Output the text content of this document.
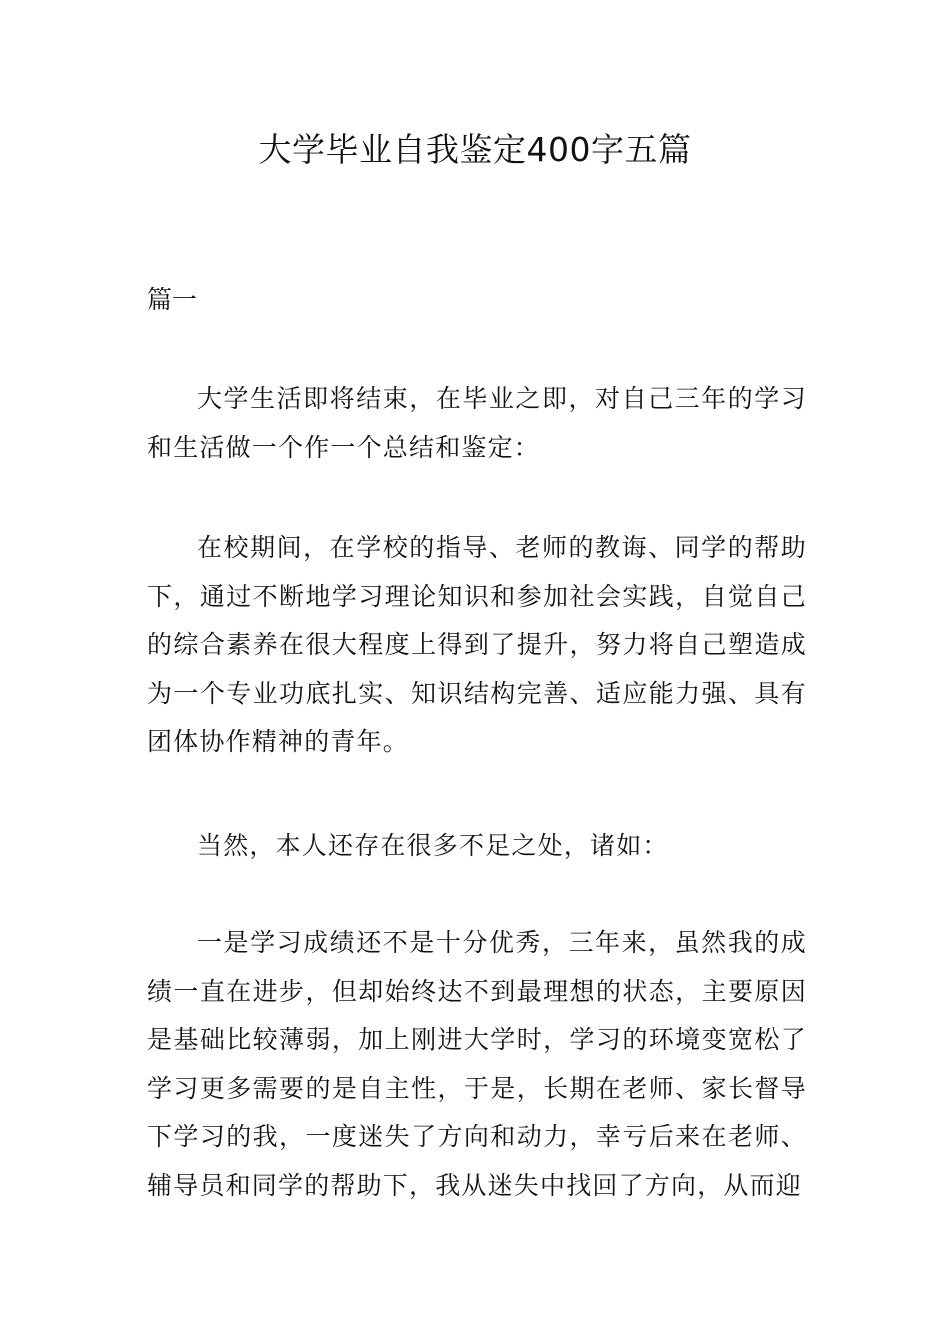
大学毕业自我鉴定400字五篇
篇一

大学生活即将结束，在毕业之即，对自己三年的学习和生活做一个作一个总结和鉴定：

在校期间，在学校的指导、老师的教诲、同学的帮助下，通过不断地学习理论知识和参加社会实践，自觉自己的综合素养在很大程度上得到了提升，努力将自己塑造成为一个专业功底扎实、知识结构完善、适应能力强、具有团体协作精神的青年。

当然，本人还存在很多不足之处，诸如：

一是学习成绩还不是十分优秀，三年来，虽然我的成绩一直在进步，但却始终达不到最理想的状态，主要原因是基础比较薄弱，加上刚进大学时，学习的环境变宽松了学习更多需要的是自主性，于是，长期在老师、家长督导下学习的我，一度迷失了方向和动力，幸亏后来在老师、辅导员和同学的帮助下，我从迷失中找回了方向，从而迎
